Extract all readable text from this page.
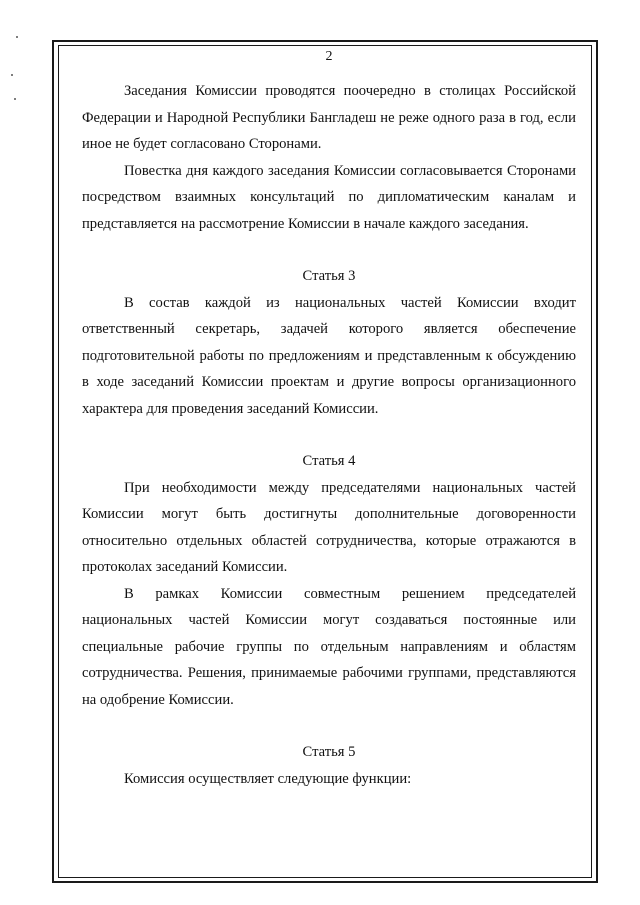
2

Заседания Комиссии проводятся поочередно в столицах Российской Федерации и Народной Республики Бангладеш не реже одного раза в год, если иное не будет согласовано Сторонами.

Повестка дня каждого заседания Комиссии согласовывается Сторонами посредством взаимных консультаций по дипломатическим каналам и представляется на рассмотрение Комиссии в начале каждого заседания.

Статья 3

В состав каждой из национальных частей Комиссии входит ответственный секретарь, задачей которого является обеспечение подготовительной работы по предложениям и представленным к обсуждению в ходе заседаний Комиссии проектам и другие вопросы организационного характера для проведения заседаний Комиссии.

Статья 4

При необходимости между председателями национальных частей Комиссии могут быть достигнуты дополнительные договоренности относительно отдельных областей сотрудничества, которые отражаются в протоколах заседаний Комиссии.

В рамках Комиссии совместным решением председателей национальных частей Комиссии могут создаваться постоянные или специальные рабочие группы по отдельным направлениям и областям сотрудничества. Решения, принимаемые рабочими группами, представляются на одобрение Комиссии.

Статья 5

Комиссия осуществляет следующие функции:
